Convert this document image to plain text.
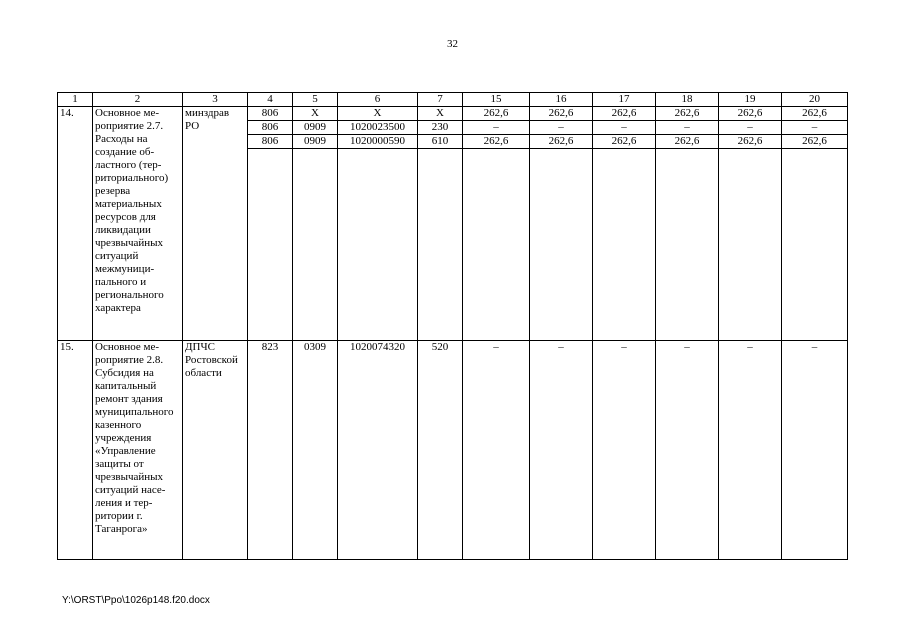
32
1	2	3	4	5	6	7	15	16	17	18	19	20
14.	Основное мероприятие 2.7. Расходы на создание областного (территориального) резерва материальных ресурсов для ликвидации чрезвычайных ситуаций межмуниципального и регионального характера	минздрав РО	806	X	X	X	262,6	262,6	262,6	262,6	262,6	262,6
			806	0909	1020023500	230	–	–	–	–	–	–
			806	0909	1020000590	610	262,6	262,6	262,6	262,6	262,6	262,6

15.	Основное мероприятие 2.8. Субсидия на капитальный ремонт здания муниципального казенного учреждения «Управление защиты от чрезвычайных ситуаций населения и территории г. Таганрога»	ДПЧС Ростовской области	823	0309	1020074320	520	–	–	–	–	–	–
Y:\ORST\Ppo\1026p148.f20.docx
